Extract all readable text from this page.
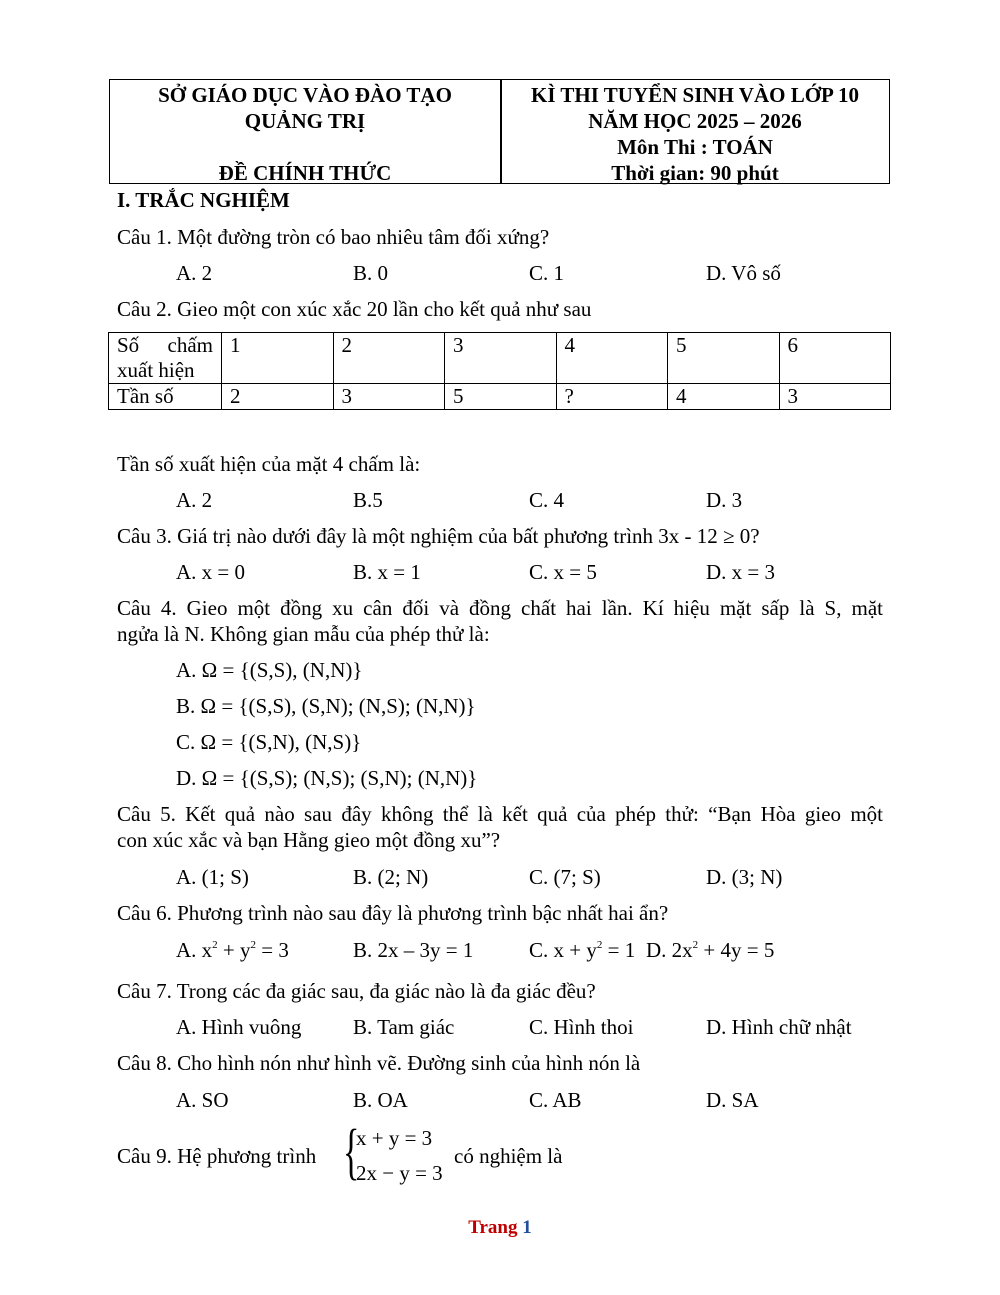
SỞ GIÁO DỤC VÀO ĐÀO TẠO
QUẢNG TRỊ
ĐỀ CHÍNH THỨC
KÌ THI TUYỂN SINH VÀO LỚP 10
NĂM HỌC 2025 – 2026
Môn Thi : TOÁN
Thời gian: 90 phút
I. TRẮC NGHIỆM
Câu 1. Một đường tròn có bao nhiêu tâm đối xứng?
A. 2	B. 0	C. 1	D. Vô số
Câu 2. Gieo một con xúc xắc 20 lần cho kết quả như sau
Số chấm
xuất hiện	1	2	3	4	5	6
Tần số	2	3	5	?	4	3
Tần số xuất hiện của mặt 4 chấm là:
A. 2	B.5	C. 4	D. 3
Câu 3. Giá trị nào dưới đây là một nghiệm của bất phương trình 3x - 12 ≥ 0?
A. x = 0	B. x = 1	C. x = 5	D. x = 3
Câu 4. Gieo một đồng xu cân đối và đồng chất hai lần. Kí hiệu mặt sấp là S, mặt
ngửa là N. Không gian mẫu của phép thử là:
A. Ω = {(S,S), (N,N)}
B. Ω = {(S,S), (S,N); (N,S); (N,N)}
C. Ω = {(S,N), (N,S)}
D. Ω = {(S,S); (N,S); (S,N); (N,N)}
Câu 5. Kết quả nào sau đây không thể là kết quả của phép thử: “Bạn Hòa gieo một
con xúc xắc và bạn Hằng gieo một đồng xu”?
A. (1; S)	B. (2; N)	C. (7; S)	D. (3; N)
Câu 6. Phương trình nào sau đây là phương trình bậc nhất hai ẩn?
A. $x^2 + y^2 = 3$	B. 2x – 3y = 1	C. $x + y^2 = 1$ D. $2x^2 + 4y = 5$
Câu 7. Trong các đa giác sau, đa giác nào là đa giác đều?
A. Hình vuông B. Tam giác	C. Hình thoi	D. Hình chữ nhật
Câu 8. Cho hình nón như hình vẽ. Đường sinh của hình nón là
A. SO	B. OA	C. AB	D. SA
Câu 9. Hệ phương trình {
x + y = 3
2x − y = 3
có nghiệm là
Trang 1
